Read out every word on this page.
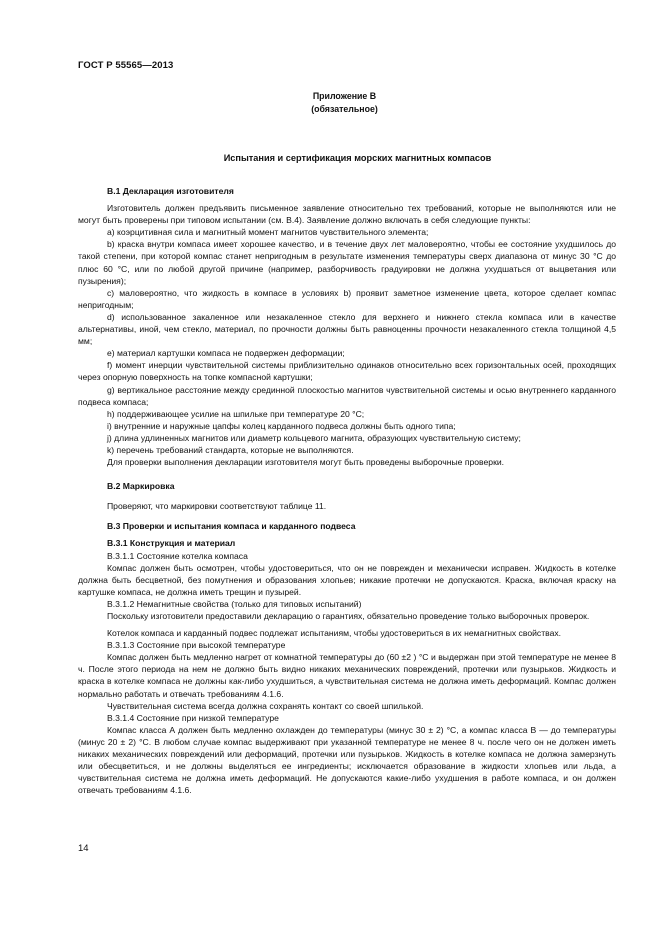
ГОСТ Р 55565—2013
Приложение В
(обязательное)
Испытания и сертификация морских магнитных компасов

В.1 Декларация изготовителя

Изготовитель должен предъявить письменное заявление относительно тех требований, которые не выполняются или не могут быть проверены при типовом испытании (см. В.4). Заявление должно включать в себя следующие пункты:

а) коэрцитивная сила и магнитный момент магнитов чувствительного элемента;

b) краска внутри компаса имеет хорошее качество, и в течение двух лет маловероятно, чтобы ее состояние ухудшилось до такой степени, при которой компас станет непригодным в результате изменения температуры сверх диапазона от минус 30 °С до плюс 60 °С, или по любой другой причине (например, разборчивость градуировки не должна ухудшаться от выцветания или пузырения);

с) маловероятно, что жидкость в компасе в условиях b) проявит заметное изменение цвета, которое сделает компас непригодным;

d) использованное закаленное или незакаленное стекло для верхнего и нижнего стекла компаса или в качестве альтернативы, иной, чем стекло, материал, по прочности должны быть равноценны прочности незакаленного стекла толщиной 4,5 мм;

е) материал картушки компаса не подвержен деформации;

f) момент инерции чувствительной системы приблизительно одинаков относительно всех горизонтальных осей, проходящих через опорную поверхность на топке компасной картушки;

g) вертикальное расстояние между срединной плоскостью магнитов чувствительной системы и осью внутреннего карданного подвеса компаса;

h) поддерживающее усилие на шпильке при температуре 20 °С;

i) внутренние и наружные цапфы колец карданного подвеса должны быть одного типа;

j) длина удлиненных магнитов или диаметр кольцевого магнита, образующих чувствительную систему;

k) перечень требований стандарта, которые не выполняются.

Для проверки выполнения декларации изготовителя могут быть проведены выборочные проверки.

В.2 Маркировка

Проверяют, что маркировки соответствуют таблице 11.

В.3 Проверки и испытания компаса и карданного подвеса

В.3.1 Конструкция и материал

В.3.1.1 Состояние котелка компаса

Компас должен быть осмотрен, чтобы удостовериться, что он не поврежден и механически исправен. Жидкость в котелке должна быть бесцветной, без помутнения и образования хлопьев; никакие протечки не допускаются. Краска, включая краску на картушке компаса, не должна иметь трещин и пузырей.

В.3.1.2 Немагнитные свойства (только для типовых испытаний)

Поскольку изготовители предоставили декларацию о гарантиях, обязательно проведение только выборочных проверок.

Котелок компаса и карданный подвес подлежат испытаниям, чтобы удостовериться в их немагнитных свойствах.

В.3.1.3 Состояние при высокой температуре

Компас должен быть медленно нагрет от комнатной температуры до (60 ±2 ) °С и выдержан при этой температуре не менее 8 ч. После этого периода на нем не должно быть видно никаких механических повреждений, протечки или пузырьков. Жидкость и краска в котелке компаса не должны как-либо ухудшиться, а чувствительная система не должна иметь деформаций. Компас должен нормально работать и отвечать требованиям 4.1.6.

Чувствительная система всегда должна сохранять контакт со своей шпилькой.

В.3.1.4 Состояние при низкой температуре

Компас класса А должен быть медленно охлажден до температуры (минус 30 ± 2) °С, а компас класса В — до температуры (минус 20 ± 2) °С. В любом случае компас выдерживают при указанной температуре не менее 8 ч. после чего он не должен иметь никаких механических повреждений или деформаций, протечки или пузырьков. Жидкость в котелке компаса не должна замерзнуть или обесцветиться, и не должны выделяться ее ингредиенты; исключается образование в жидкости хлопьев или льда, а чувствительная система не должна иметь деформаций. Не допускаются какие-либо ухудшения в работе компаса, и он должен отвечать требованиям 4.1.6.

14
